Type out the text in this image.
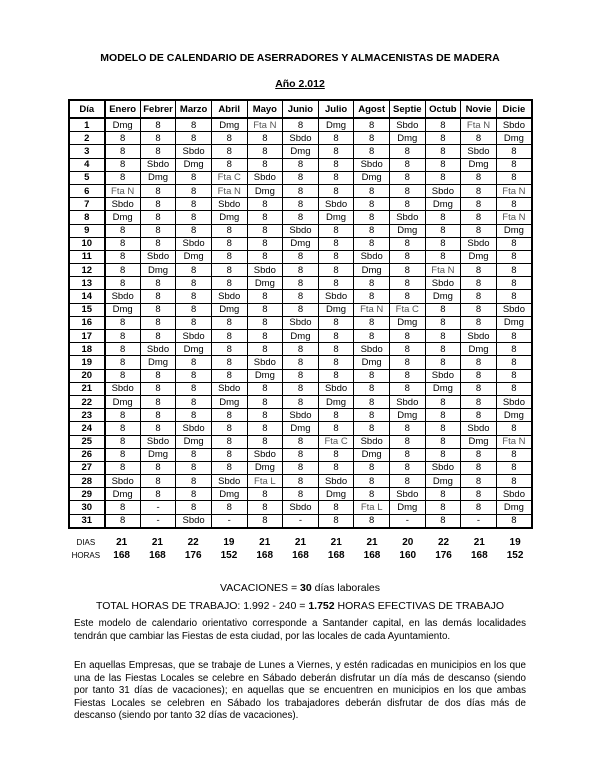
MODELO DE CALENDARIO DE ASERRADORES Y ALMACENISTAS DE MADERA
Año 2.012
Día	Enero	Febrer	Marzo	Abril	Mayo	Junio	Julio	Agost	Septie	Octub	Novie	Dicie
1	Dmg	8	8	Dmg	Fta N	8	Dmg	8	Sbdo	8	Fta N	Sbdo
2	8	8	8	8	8	Sbdo	8	8	Dmg	8	8	Dmg
3	8	8	Sbdo	8	8	Dmg	8	8	8	8	Sbdo	8
4	8	Sbdo	Dmg	8	8	8	8	Sbdo	8	8	Dmg	8
5	8	Dmg	8	Fta C	Sbdo	8	8	Dmg	8	8	8	8
6	Fta N	8	8	Fta N	Dmg	8	8	8	8	Sbdo	8	Fta N
7	Sbdo	8	8	Sbdo	8	8	Sbdo	8	8	Dmg	8	8
8	Dmg	8	8	Dmg	8	8	Dmg	8	Sbdo	8	8	Fta N
9	8	8	8	8	8	Sbdo	8	8	Dmg	8	8	Dmg
10	8	8	Sbdo	8	8	Dmg	8	8	8	8	Sbdo	8
11	8	Sbdo	Dmg	8	8	8	8	Sbdo	8	8	Dmg	8
12	8	Dmg	8	8	Sbdo	8	8	Dmg	8	Fta N	8	8
13	8	8	8	8	Dmg	8	8	8	8	Sbdo	8	8
14	Sbdo	8	8	Sbdo	8	8	Sbdo	8	8	Dmg	8	8
15	Dmg	8	8	Dmg	8	8	Dmg	Fta N	Fta C	8	8	Sbdo
16	8	8	8	8	8	Sbdo	8	8	Dmg	8	8	Dmg
17	8	8	Sbdo	8	8	Dmg	8	8	8	8	Sbdo	8
18	8	Sbdo	Dmg	8	8	8	8	Sbdo	8	8	Dmg	8
19	8	Dmg	8	8	Sbdo	8	8	Dmg	8	8	8	8
20	8	8	8	8	Dmg	8	8	8	8	Sbdo	8	8
21	Sbdo	8	8	Sbdo	8	8	Sbdo	8	8	Dmg	8	8
22	Dmg	8	8	Dmg	8	8	Dmg	8	Sbdo	8	8	Sbdo
23	8	8	8	8	8	Sbdo	8	8	Dmg	8	8	Dmg
24	8	8	Sbdo	8	8	Dmg	8	8	8	8	Sbdo	8
25	8	Sbdo	Dmg	8	8	8	Fta C	Sbdo	8	8	Dmg	Fta N
26	8	Dmg	8	8	Sbdo	8	8	Dmg	8	8	8	8
27	8	8	8	8	Dmg	8	8	8	8	Sbdo	8	8
28	Sbdo	8	8	Sbdo	Fta L	8	Sbdo	8	8	Dmg	8	8
29	Dmg	8	8	Dmg	8	8	Dmg	8	Sbdo	8	8	Sbdo
30	8	-	8	8	8	Sbdo	8	Fta L	Dmg	8	8	Dmg
31	8	-	Sbdo	-	8	-	8	8	-	8	-	8
DIAS	21	21	22	19	21	21	21	21	20	22	21	19
HORAS	168	168	176	152	168	168	168	168	160	176	168	152
VACACIONES = 30 días laborales
TOTAL HORAS DE TRABAJO: 1.992 - 240 = 1.752 HORAS EFECTIVAS DE TRABAJO

Este modelo de calendario orientativo corresponde a Santander capital, en las demás localidades tendrán que cambiar las Fiestas de esta ciudad, por las locales de cada Ayuntamiento.

En aquellas Empresas, que se trabaje de Lunes a Viernes, y estén radicadas en municipios en los que una de las Fiestas Locales se celebre en Sábado deberán disfrutar un día más de descanso (siendo por tanto 31 días de vacaciones); en aquellas que se encuentren en municipios en los que ambas Fiestas Locales se celebren en Sábado los trabajadores deberán disfrutar de dos días más de descanso (siendo por tanto 32 días de vacaciones).
